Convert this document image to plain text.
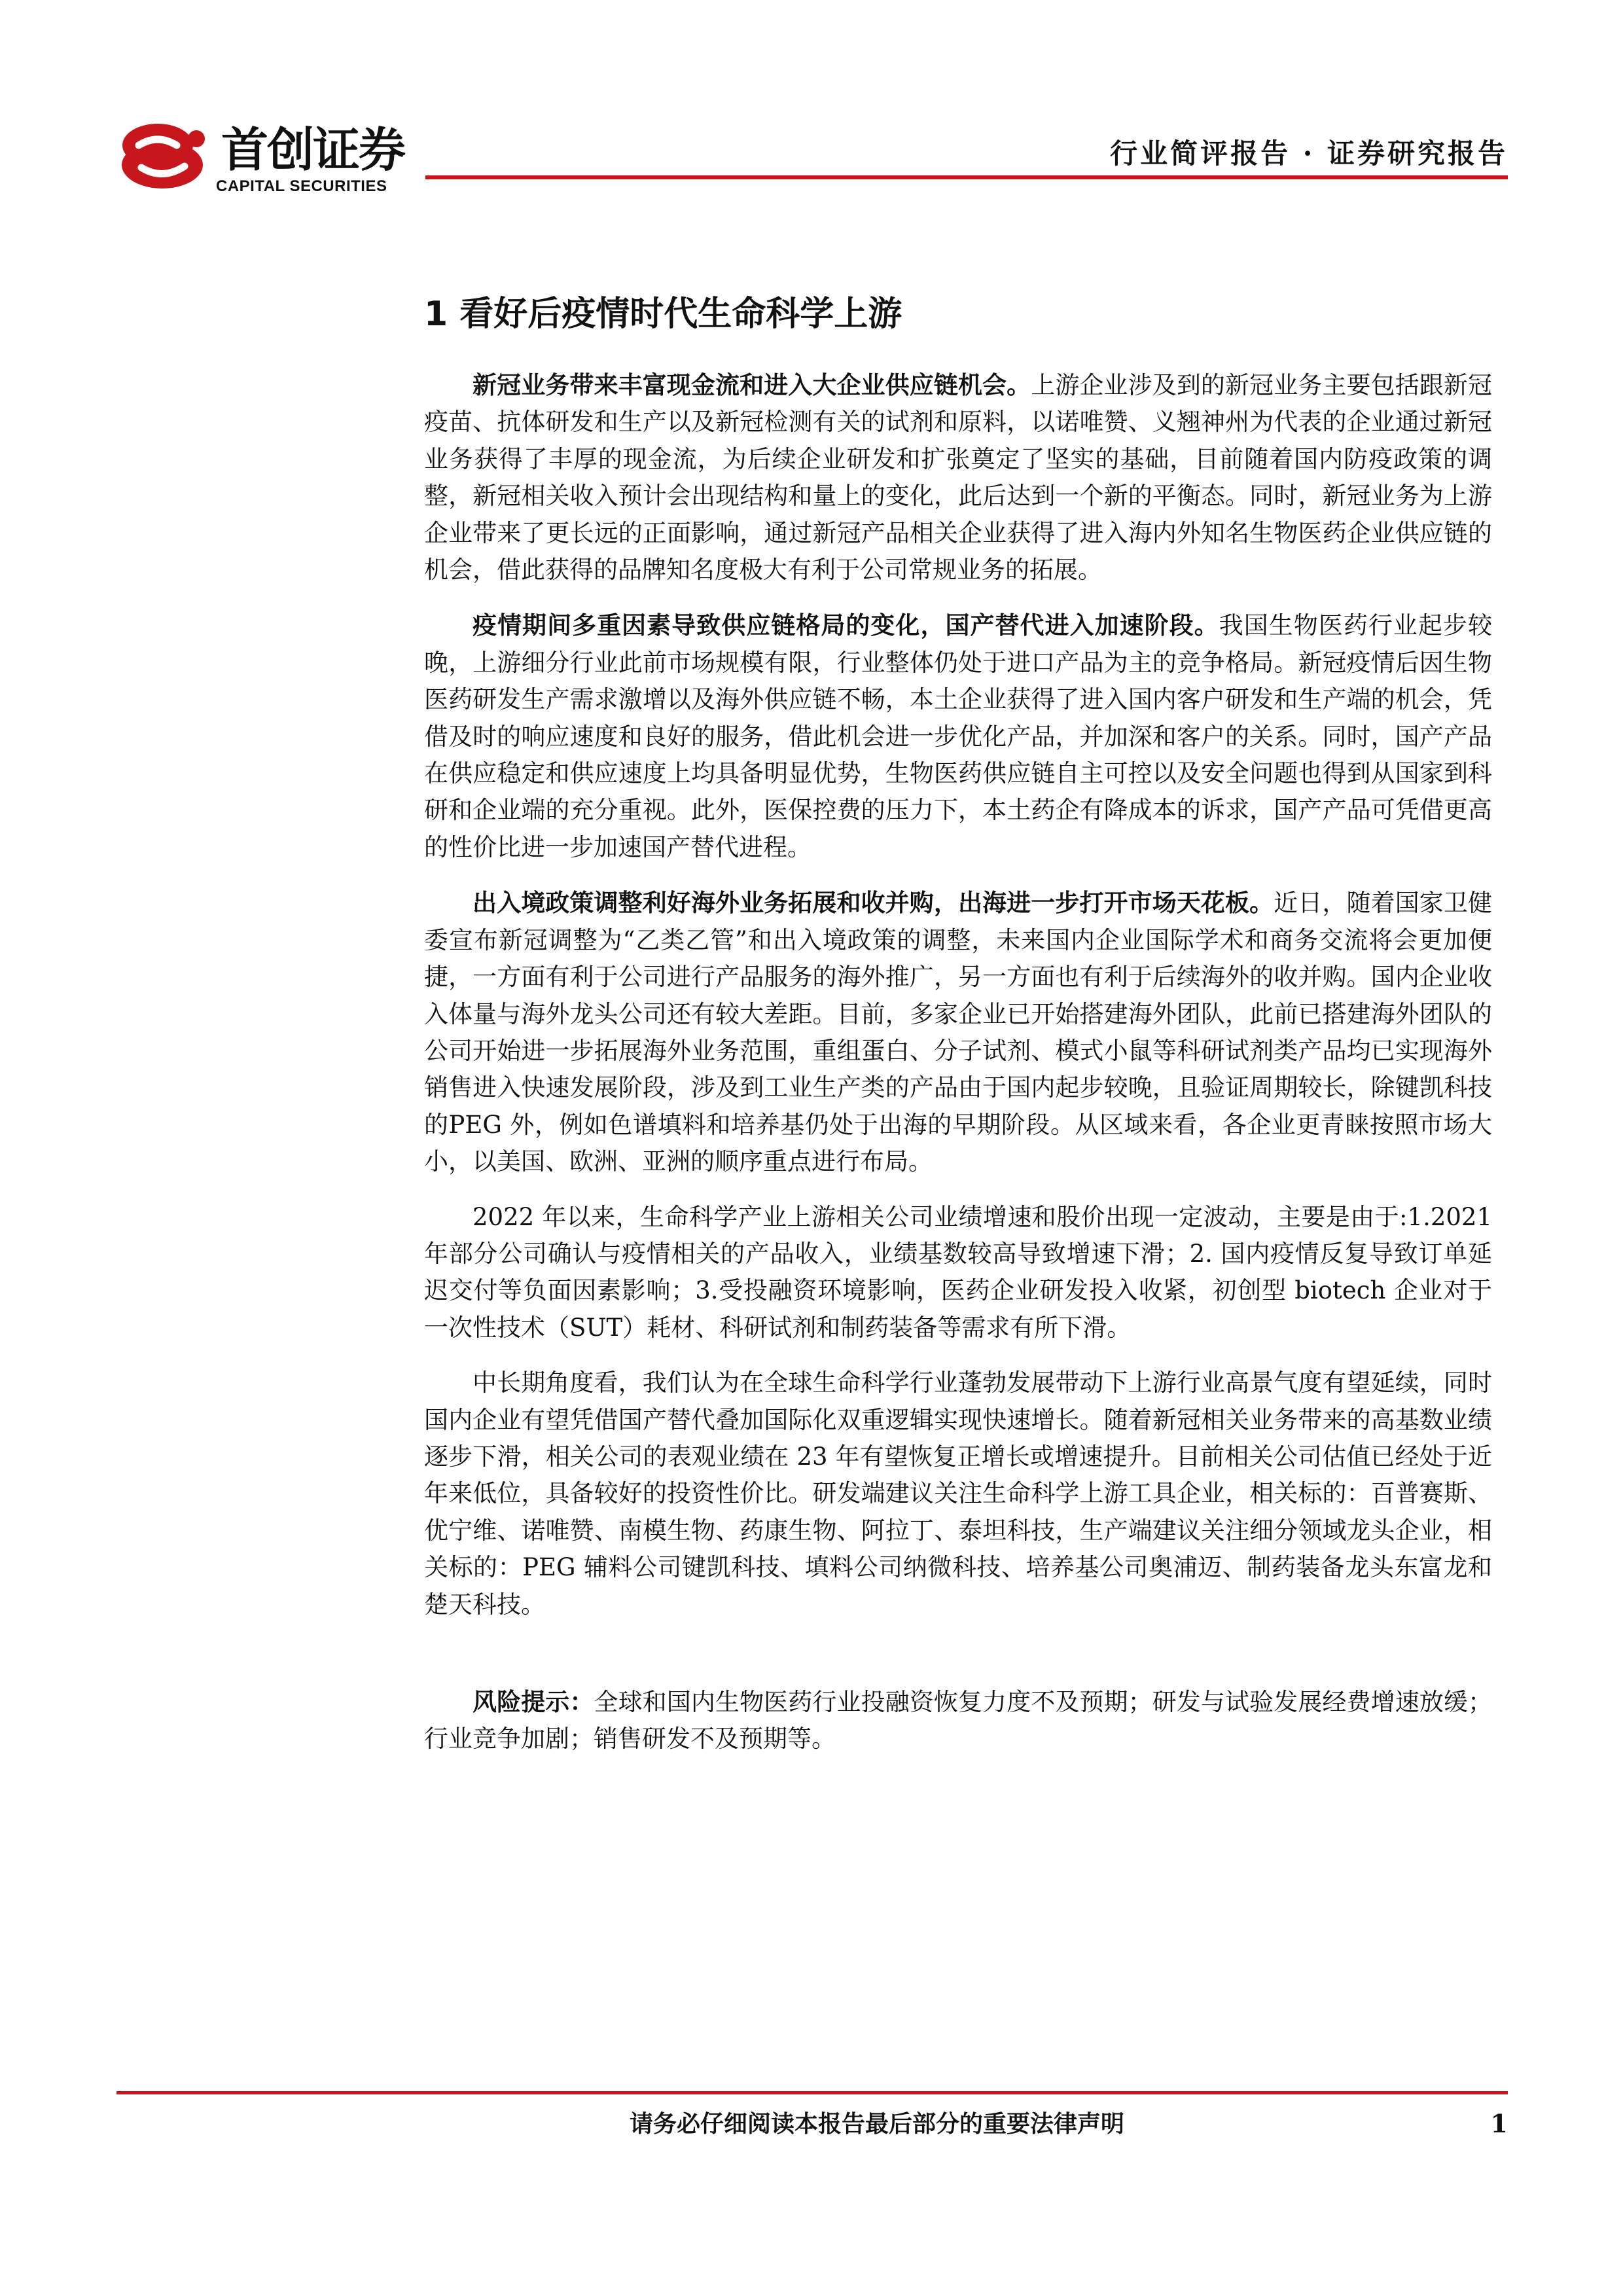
首创证券
CAPITAL SECURITIES
行业简评报告 · 证券研究报告
1 看好后疫情时代生命科学上游

新冠业务带来丰富现金流和进入大企业供应链机会。上游企业涉及到的新冠业务主要包括跟新冠疫苗、抗体研发和生产以及新冠检测有关的试剂和原料，以诺唯赞、义翘神州为代表的企业通过新冠业务获得了丰厚的现金流，为后续企业研发和扩张奠定了坚实的基础，目前随着国内防疫政策的调整，新冠相关收入预计会出现结构和量上的变化，此后达到一个新的平衡态。同时，新冠业务为上游企业带来了更长远的正面影响，通过新冠产品相关企业获得了进入海内外知名生物医药企业供应链的机会，借此获得的品牌知名度极大有利于公司常规业务的拓展。

疫情期间多重因素导致供应链格局的变化，国产替代进入加速阶段。我国生物医药行业起步较晚，上游细分行业此前市场规模有限，行业整体仍处于进口产品为主的竞争格局。新冠疫情后因生物医药研发生产需求激增以及海外供应链不畅，本土企业获得了进入国内客户研发和生产端的机会，凭借及时的响应速度和良好的服务，借此机会进一步优化产品，并加深和客户的关系。同时，国产产品在供应稳定和供应速度上均具备明显优势，生物医药供应链自主可控以及安全问题也得到从国家到科研和企业端的充分重视。此外，医保控费的压力下，本土药企有降成本的诉求，国产产品可凭借更高的性价比进一步加速国产替代进程。

出入境政策调整利好海外业务拓展和收并购，出海进一步打开市场天花板。近日，随着国家卫健委宣布新冠调整为“乙类乙管”和出入境政策的调整，未来国内企业国际学术和商务交流将会更加便捷，一方面有利于公司进行产品服务的海外推广，另一方面也有利于后续海外的收并购。国内企业收入体量与海外龙头公司还有较大差距。目前，多家企业已开始搭建海外团队，此前已搭建海外团队的公司开始进一步拓展海外业务范围，重组蛋白、分子试剂、模式小鼠等科研试剂类产品均已实现海外销售进入快速发展阶段，涉及到工业生产类的产品由于国内起步较晚，且验证周期较长，除键凯科技的PEG 外，例如色谱填料和培养基仍处于出海的早期阶段。从区域来看，各企业更青睐按照市场大小，以美国、欧洲、亚洲的顺序重点进行布局。

2022 年以来，生命科学产业上游相关公司业绩增速和股价出现一定波动，主要是由于:1.2021 年部分公司确认与疫情相关的产品收入，业绩基数较高导致增速下滑；2. 国内疫情反复导致订单延迟交付等负面因素影响；3.受投融资环境影响，医药企业研发投入收紧，初创型 biotech 企业对于一次性技术（SUT）耗材、科研试剂和制药装备等需求有所下滑。

中长期角度看，我们认为在全球生命科学行业蓬勃发展带动下上游行业高景气度有望延续，同时国内企业有望凭借国产替代叠加国际化双重逻辑实现快速增长。随着新冠相关业务带来的高基数业绩逐步下滑，相关公司的表观业绩在 23 年有望恢复正增长或增速提升。目前相关公司估值已经处于近年来低位，具备较好的投资性价比。研发端建议关注生命科学上游工具企业，相关标的：百普赛斯、优宁维、诺唯赞、南模生物、药康生物、阿拉丁、泰坦科技，生产端建议关注细分领域龙头企业，相关标的：PEG 辅料公司键凯科技、填料公司纳微科技、培养基公司奥浦迈、制药装备龙头东富龙和楚天科技。

风险提示：全球和国内生物医药行业投融资恢复力度不及预期；研发与试验发展经费增速放缓；行业竞争加剧；销售研发不及预期等。

请务必仔细阅读本报告最后部分的重要法律声明	1
